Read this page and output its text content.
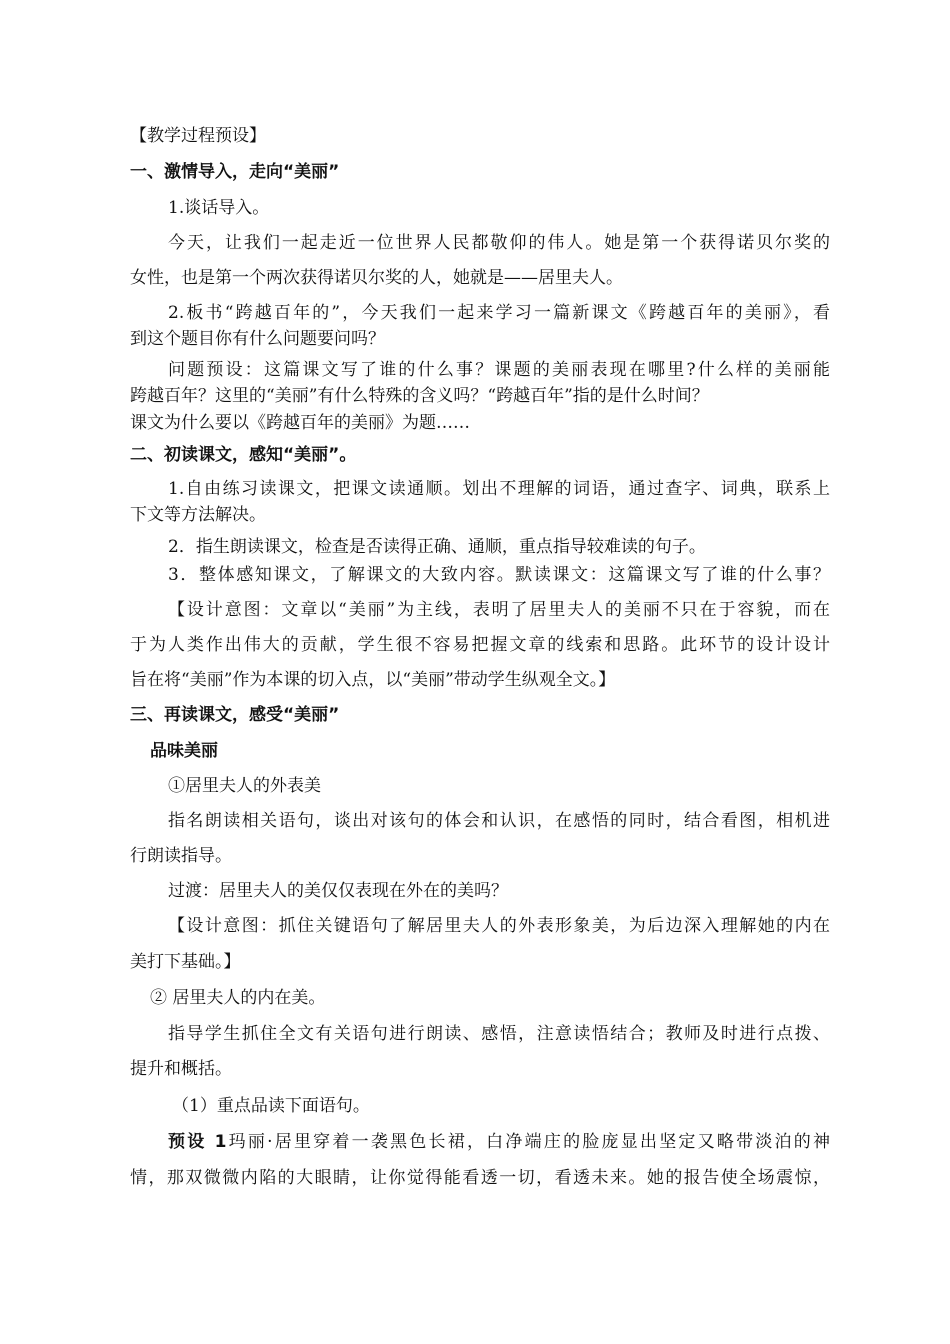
【教学过程预设】
一、激情导入，走向“美丽”
1.谈话导入。
今天，让我们一起走近一位世界人民都敬仰的伟人。她是第一个获得诺贝尔奖的
女性，也是第一个两次获得诺贝尔奖的人，她就是——居里夫人。
2.板书“跨越百年的”，今天我们一起来学习一篇新课文《跨越百年的美丽》，看
到这个题目你有什么问题要问吗？
问题预设：这篇课文写了谁的什么事？课题的美丽表现在哪里?什么样的美丽能
跨越百年？这里的“美丽”有什么特殊的含义吗？“跨越百年”指的是什么时间？
课文为什么要以《跨越百年的美丽》为题……
二、初读课文，感知“美丽”。
1.自由练习读课文，把课文读通顺。划出不理解的词语，通过查字、词典，联系上
下文等方法解决。
2．指生朗读课文，检查是否读得正确、通顺，重点指导较难读的句子。
3．整体感知课文，了解课文的大致内容。默读课文：这篇课文写了谁的什么事？
【设计意图：文章以“美丽”为主线，表明了居里夫人的美丽不只在于容貌，而在
于为人类作出伟大的贡献，学生很不容易把握文章的线索和思路。此环节的设计设计
旨在将“美丽”作为本课的切入点，以“美丽”带动学生纵观全文。】
三、再读课文，感受“美丽”
品味美丽
①居里夫人的外表美
指名朗读相关语句，谈出对该句的体会和认识，在感悟的同时，结合看图，相机进
行朗读指导。
过渡：居里夫人的美仅仅表现在外在的美吗？
【设计意图：抓住关键语句了解居里夫人的外表形象美，为后边深入理解她的内在
美打下基础。】
② 居里夫人的内在美。
指导学生抓住全文有关语句进行朗读、感悟，注意读悟结合；教师及时进行点拨、
提升和概括。
（1）重点品读下面语句。
预设 1玛丽·居里穿着一袭黑色长裙，白净端庄的脸庞显出坚定又略带淡泊的神
情，那双微微内陷的大眼睛，让你觉得能看透一切，看透未来。她的报告使全场震惊，
